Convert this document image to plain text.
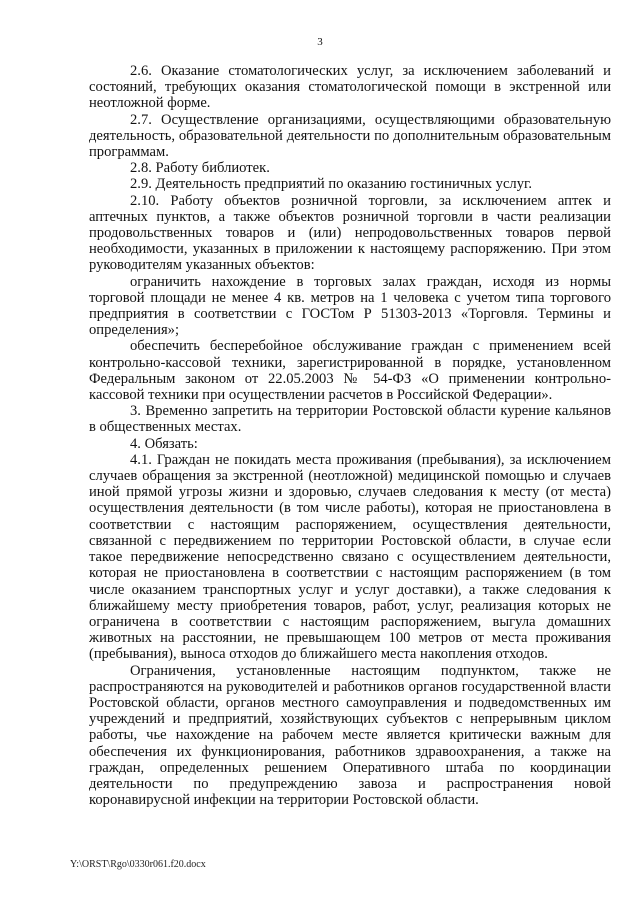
3

2.6. Оказание стоматологических услуг, за исключением заболеваний и состояний, требующих оказания стоматологической помощи в экстренной или неотложной форме.

2.7. Осуществление организациями, осуществляющими образовательную деятельность, образовательной деятельности по дополнительным образовательным программам.

2.8. Работу библиотек.

2.9. Деятельность предприятий по оказанию гостиничных услуг.

2.10. Работу объектов розничной торговли, за исключением аптек и аптечных пунктов, а также объектов розничной торговли в части реализации продовольственных товаров и (или) непродовольственных товаров первой необходимости, указанных в приложении к настоящему распоряжению. При этом руководителям указанных объектов:

ограничить нахождение в торговых залах граждан, исходя из нормы торговой площади не менее 4 кв. метров на 1 человека с учетом типа торгового предприятия в соответствии с ГОСТом Р 51303-2013 «Торговля. Термины и определения»;

обеспечить бесперебойное обслуживание граждан с применением всей контрольно-кассовой техники, зарегистрированной в порядке, установленном Федеральным законом от 22.05.2003 № 54-ФЗ «О применении контрольно-кассовой техники при осуществлении расчетов в Российской Федерации».

3. Временно запретить на территории Ростовской области курение кальянов в общественных местах.

4. Обязать:

4.1. Граждан не покидать места проживания (пребывания), за исключением случаев обращения за экстренной (неотложной) медицинской помощью и случаев иной прямой угрозы жизни и здоровью, случаев следования к месту (от места) осуществления деятельности (в том числе работы), которая не приостановлена в соответствии с настоящим распоряжением, осуществления деятельности, связанной с передвижением по территории Ростовской области, в случае если такое передвижение непосредственно связано с осуществлением деятельности, которая не приостановлена в соответствии с настоящим распоряжением (в том числе оказанием транспортных услуг и услуг доставки), а также следования к ближайшему месту приобретения товаров, работ, услуг, реализация которых не ограничена в соответствии с настоящим распоряжением, выгула домашних животных на расстоянии, не превышающем 100 метров от места проживания (пребывания), выноса отходов до ближайшего места накопления отходов.

Ограничения, установленные настоящим подпунктом, также не распространяются на руководителей и работников органов государственной власти Ростовской области, органов местного самоуправления и подведомственных им учреждений и предприятий, хозяйствующих субъектов с непрерывным циклом работы, чье нахождение на рабочем месте является критически важным для обеспечения их функционирования, работников здравоохранения, а также на граждан, определенных решением Оперативного штаба по координации деятельности по предупреждению завоза и распространения новой коронавирусной инфекции на территории Ростовской области.

Y:\ORST\Rgo\0330r061.f20.docx
